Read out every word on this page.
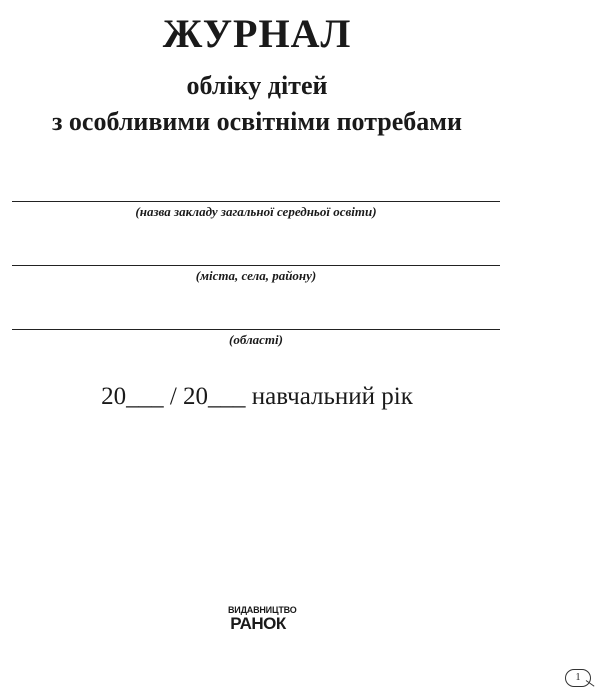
ЖУРНАЛ
обліку дітей
з особливими освітніми потребами
(назва закладу загальної середньої освіти)
(міста, села, району)
(області)
20___ / 20___ навчальний рік
ВИДАВНИЦТВО
РАНОК
1
